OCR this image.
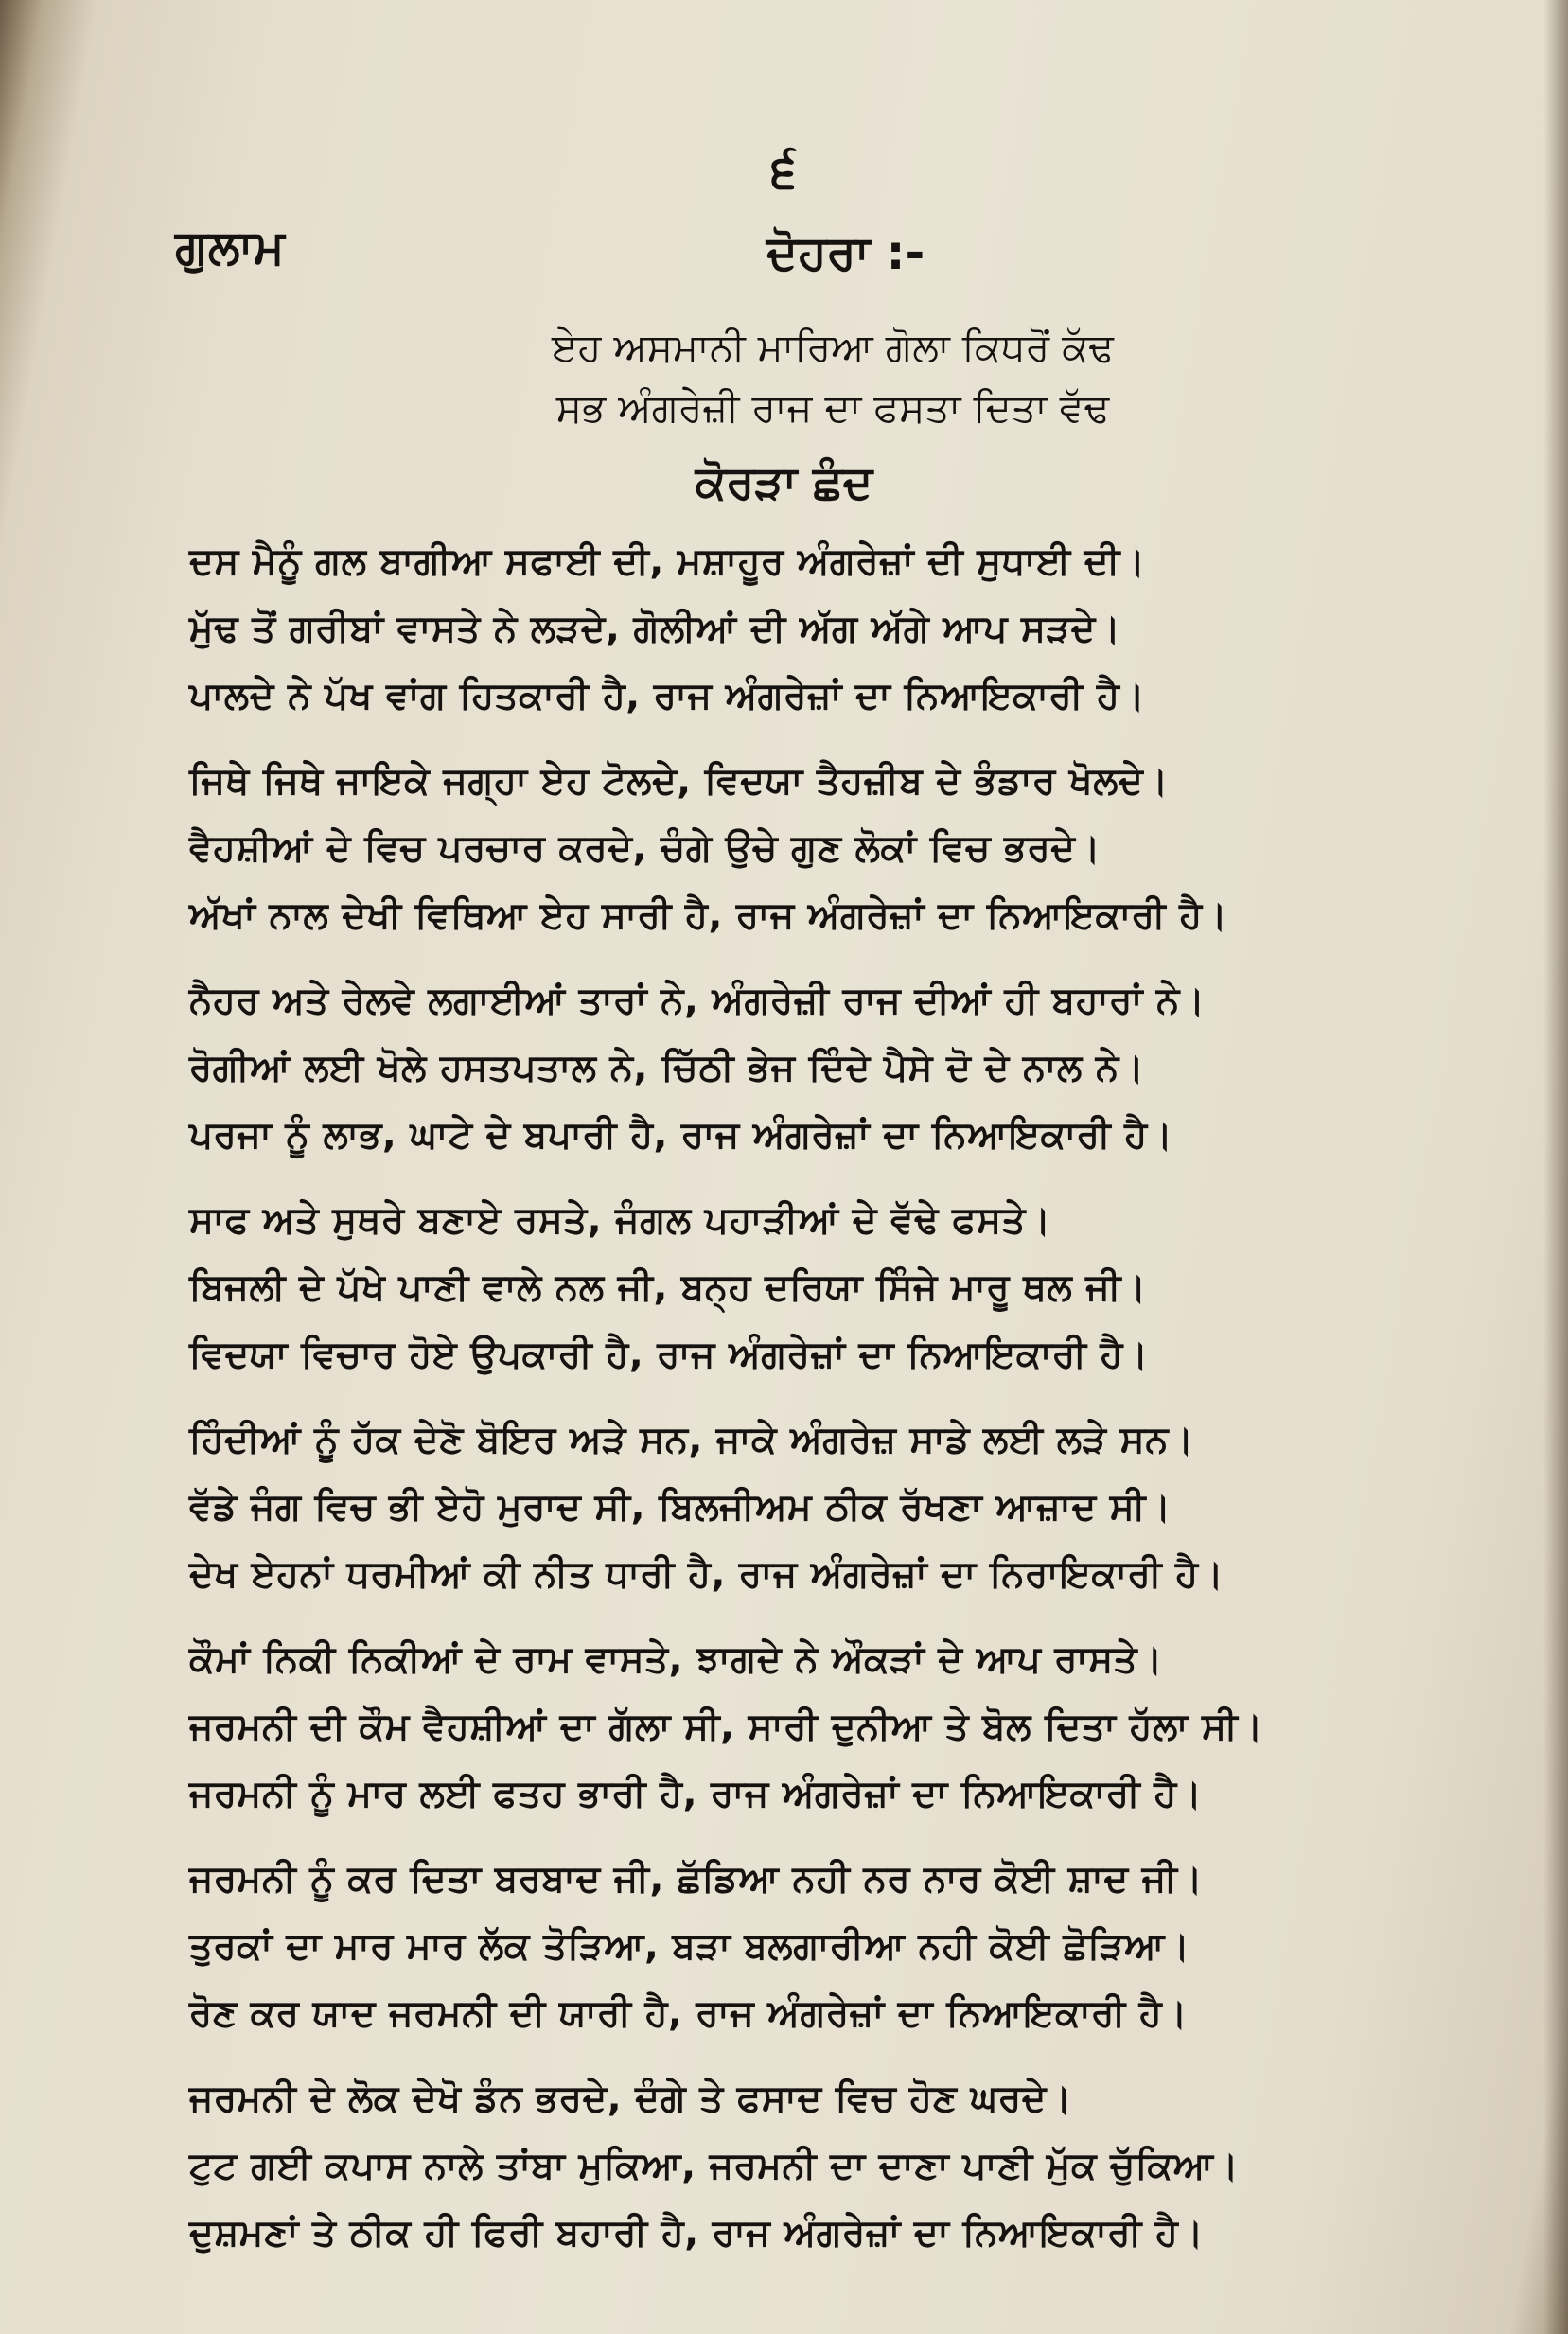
੬
ਗੁਲਾਮ	ਦੋਹਰਾ :-
ਏਹ ਅਸਮਾਨੀ ਮਾਰਿਆ ਗੋਲਾ ਕਿਧਰੋਂ ਕੱਢ
ਸਭ ਅੰਗਰੇਜ਼ੀ ਰਾਜ ਦਾ ਫਸਤਾ ਦਿਤਾ ਵੱਢ
ਕੋਰੜਾ ਛੰਦ
ਦਸ ਮੈਨੂੰ ਗਲ ਬਾਗੀਆ ਸਫਾਈ ਦੀ, ਮਸ਼ਾਹੂਰ ਅੰਗਰੇਜ਼ਾਂ ਦੀ ਸੁਧਾਈ ਦੀ।
ਮੁੱਢ ਤੋਂ ਗਰੀਬਾਂ ਵਾਸਤੇ ਨੇ ਲੜਦੇ, ਗੋਲੀਆਂ ਦੀ ਅੱਗ ਅੱਗੇ ਆਪ ਸੜਦੇ।
ਪਾਲਦੇ ਨੇ ਪੱਖ ਵਾਂਗ ਹਿਤਕਾਰੀ ਹੈ, ਰਾਜ ਅੰਗਰੇਜ਼ਾਂ ਦਾ ਨਿਆਇਕਾਰੀ ਹੈ।
ਜਿਥੇ ਜਿਥੇ ਜਾਇਕੇ ਜਗ੍ਹਾ ਏਹ ਟੋਲਦੇ, ਵਿਦਯਾ ਤੈਹਜ਼ੀਬ ਦੇ ਭੰਡਾਰ ਖੋਲਦੇ।
ਵੈਹਸ਼ੀਆਂ ਦੇ ਵਿਚ ਪਰਚਾਰ ਕਰਦੇ, ਚੰਗੇ ਉਚੇ ਗੁਣ ਲੋਕਾਂ ਵਿਚ ਭਰਦੇ।
ਅੱਖਾਂ ਨਾਲ ਦੇਖੀ ਵਿਥਿਆ ਏਹ ਸਾਰੀ ਹੈ, ਰਾਜ ਅੰਗਰੇਜ਼ਾਂ ਦਾ ਨਿਆਇਕਾਰੀ ਹੈ।
ਨੈਹਰ ਅਤੇ ਰੇਲਵੇ ਲਗਾਈਆਂ ਤਾਰਾਂ ਨੇ, ਅੰਗਰੇਜ਼ੀ ਰਾਜ ਦੀਆਂ ਹੀ ਬਹਾਰਾਂ ਨੇ।
ਰੋਗੀਆਂ ਲਈ ਖੋਲੇ ਹਸਤਪਤਾਲ ਨੇ, ਚਿੱਠੀ ਭੇਜ ਦਿੰਦੇ ਪੈਸੇ ਦੋ ਦੇ ਨਾਲ ਨੇ।
ਪਰਜਾ ਨੂੰ ਲਾਭ, ਘਾਟੇ ਦੇ ਬਪਾਰੀ ਹੈ, ਰਾਜ ਅੰਗਰੇਜ਼ਾਂ ਦਾ ਨਿਆਇਕਾਰੀ ਹੈ।
ਸਾਫ ਅਤੇ ਸੁਥਰੇ ਬਣਾਏ ਰਸਤੇ, ਜੰਗਲ ਪਹਾੜੀਆਂ ਦੇ ਵੱਢੇ ਫਸਤੇ।
ਬਿਜਲੀ ਦੇ ਪੱਖੇ ਪਾਣੀ ਵਾਲੇ ਨਲ ਜੀ, ਬਨ੍ਹ ਦਰਿਯਾ ਸਿੰਜੇ ਮਾਰੂ ਥਲ ਜੀ।
ਵਿਦਯਾ ਵਿਚਾਰ ਹੋਏ ਉਪਕਾਰੀ ਹੈ, ਰਾਜ ਅੰਗਰੇਜ਼ਾਂ ਦਾ ਨਿਆਇਕਾਰੀ ਹੈ।
ਹਿੰਦੀਆਂ ਨੂੰ ਹੱਕ ਦੇਣੋ ਬੋਇਰ ਅੜੇ ਸਨ, ਜਾਕੇ ਅੰਗਰੇਜ਼ ਸਾਡੇ ਲਈ ਲੜੇ ਸਨ।
ਵੱਡੇ ਜੰਗ ਵਿਚ ਭੀ ਏਹੋ ਮੁਰਾਦ ਸੀ, ਬਿਲਜੀਅਮ ਠੀਕ ਰੱਖਣਾ ਆਜ਼ਾਦ ਸੀ।
ਦੇਖ ਏਹਨਾਂ ਧਰਮੀਆਂ ਕੀ ਨੀਤ ਧਾਰੀ ਹੈ, ਰਾਜ ਅੰਗਰੇਜ਼ਾਂ ਦਾ ਨਿਰਾਇਕਾਰੀ ਹੈ।
ਕੌਮਾਂ ਨਿਕੀ ਨਿਕੀਆਂ ਦੇ ਰਾਮ ਵਾਸਤੇ, ਝਾਗਦੇ ਨੇ ਔਕੜਾਂ ਦੇ ਆਪ ਰਾਸਤੇ।
ਜਰਮਨੀ ਦੀ ਕੌਮ ਵੈਹਸ਼ੀਆਂ ਦਾ ਗੱਲਾ ਸੀ, ਸਾਰੀ ਦੁਨੀਆ ਤੇ ਬੋਲ ਦਿਤਾ ਹੱਲਾ ਸੀ।
ਜਰਮਨੀ ਨੂੰ ਮਾਰ ਲਈ ਫਤਹ ਭਾਰੀ ਹੈ, ਰਾਜ ਅੰਗਰੇਜ਼ਾਂ ਦਾ ਨਿਆਇਕਾਰੀ ਹੈ।
ਜਰਮਨੀ ਨੂੰ ਕਰ ਦਿਤਾ ਬਰਬਾਦ ਜੀ, ਛੱਡਿਆ ਨਹੀ ਨਰ ਨਾਰ ਕੋਈ ਸ਼ਾਦ ਜੀ।
ਤੁਰਕਾਂ ਦਾ ਮਾਰ ਮਾਰ ਲੱਕ ਤੋੜਿਆ, ਬੜਾ ਬਲਗਾਰੀਆ ਨਹੀ ਕੋਈ ਛੋੜਿਆ।
ਰੋਣ ਕਰ ਯਾਦ ਜਰਮਨੀ ਦੀ ਯਾਰੀ ਹੈ, ਰਾਜ ਅੰਗਰੇਜ਼ਾਂ ਦਾ ਨਿਆਇਕਾਰੀ ਹੈ।
ਜਰਮਨੀ ਦੇ ਲੋਕ ਦੇਖੋ ਡੰਨ ਭਰਦੇ, ਦੰਗੇ ਤੇ ਫਸਾਦ ਵਿਚ ਹੋਣ ਘਰਦੇ।
ਟੁਟ ਗਈ ਕਪਾਸ ਨਾਲੇ ਤਾਂਬਾ ਮੁਕਿਆ, ਜਰਮਨੀ ਦਾ ਦਾਣਾ ਪਾਣੀ ਮੁੱਕ ਚੁੱਕਿਆ।
ਦੁਸ਼ਮਣਾਂ ਤੇ ਠੀਕ ਹੀ ਫਿਰੀ ਬਹਾਰੀ ਹੈ, ਰਾਜ ਅੰਗਰੇਜ਼ਾਂ ਦਾ ਨਿਆਇਕਾਰੀ ਹੈ।
